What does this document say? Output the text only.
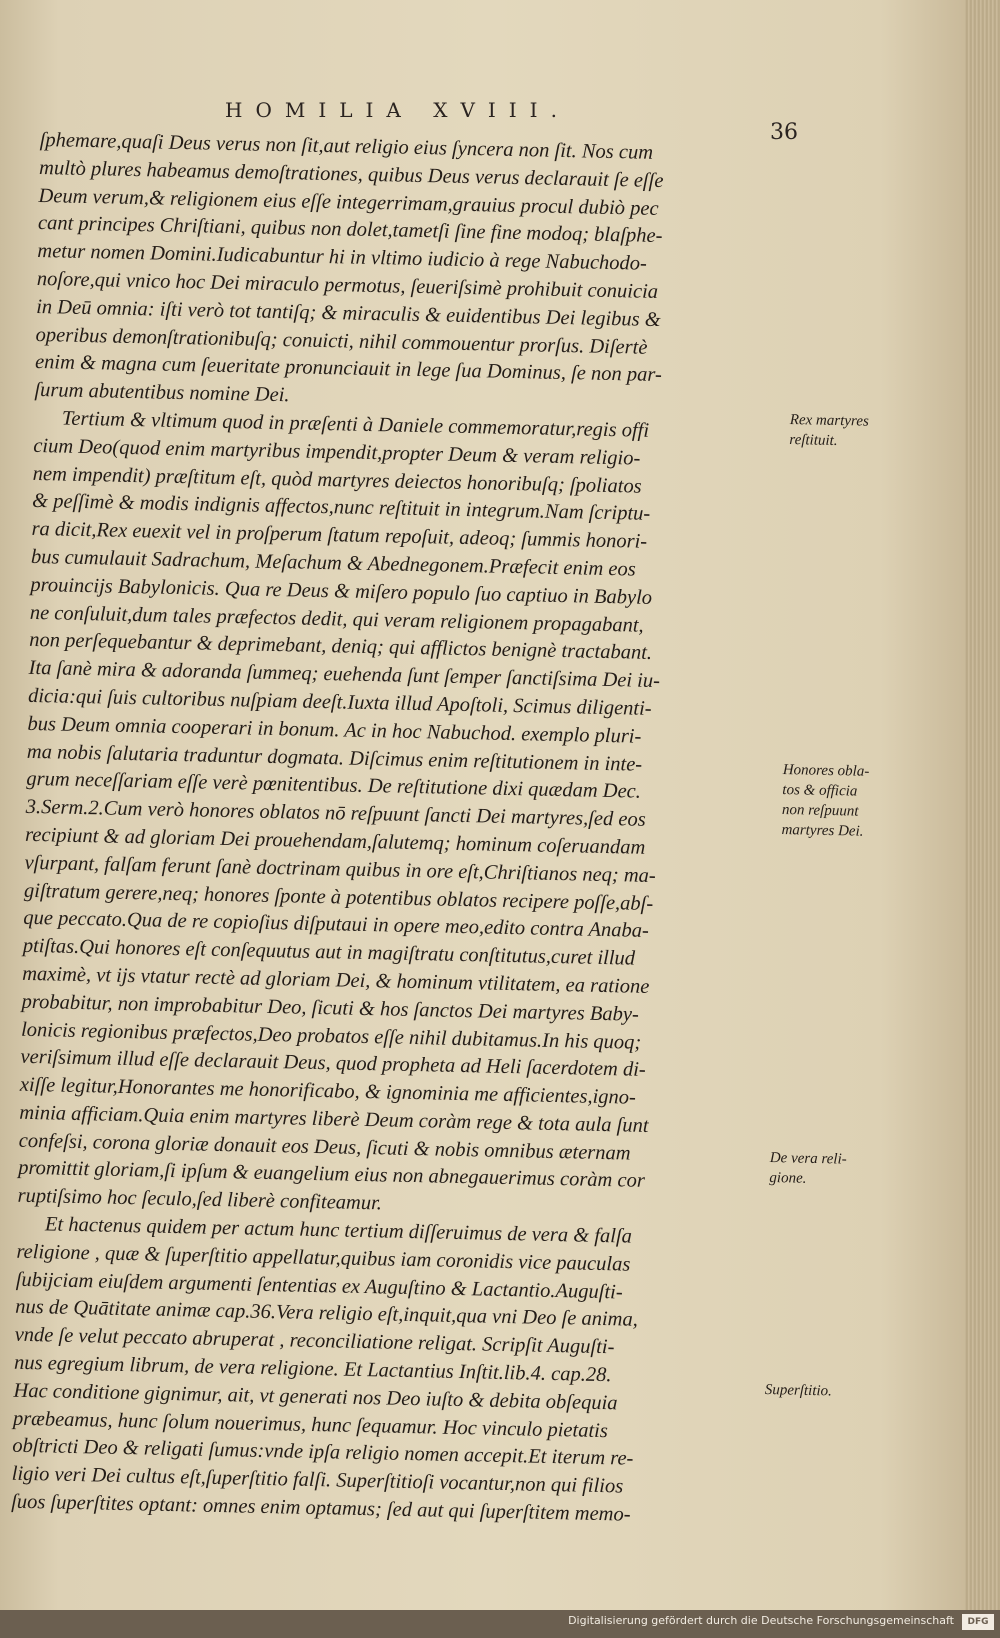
HOMILIA XVIII.
36
ſphemare,quaſi Deus verus non ſit,aut religio eius ſyncera non ſit. Nos cum
multò plures habeamus demoſtrationes, quibus Deus verus declarauit ſe eſſe
Deum verum,& religionem eius eſſe integerrimam,grauius procul dubiò pec
cant principes Chriſtiani, quibus non dolet,tametſi ſine fine modoq; blaſphe-
metur nomen Domini.Iudicabuntur hi in vltimo iudicio à rege Nabuchodo-
noſore,qui vnico hoc Dei miraculo permotus, ſeueriſsimè prohibuit conuicia
in Deū omnia: iſti verò tot tantiſq; & miraculis & euidentibus Dei legibus &
operibus demonſtrationibuſq; conuicti, nihil commouentur prorſus. Diſertè
enim & magna cum ſeueritate pronunciauit in lege ſua Dominus, ſe non par-
ſurum abutentibus nomine Dei.
Tertium & vltimum quod in præſenti à Daniele commemoratur,regis offi
cium Deo(quod enim martyribus impendit,propter Deum & veram religio-
nem impendit) præſtitum eſt, quòd martyres deiectos honoribuſq; ſpoliatos
& peſſimè & modis indignis affectos,nunc reſtituit in integrum.Nam ſcriptu-
ra dicit,Rex euexit vel in proſperum ſtatum repoſuit, adeoq; ſummis honori-
bus cumulauit Sadrachum, Meſachum & Abednegonem.Præfecit enim eos
prouincijs Babylonicis. Qua re Deus & miſero populo ſuo captiuo in Babylo
ne conſuluit,dum tales præfectos dedit, qui veram religionem propagabant,
non perſequebantur & deprimebant, deniq; qui afflictos benignè tractabant.
Ita ſanè mira & adoranda ſummeq; euehenda ſunt ſemper ſanctiſsima Dei iu-
dicia:qui ſuis cultoribus nuſpiam deeſt.Iuxta illud Apoſtoli, Scimus diligenti-
bus Deum omnia cooperari in bonum. Ac in hoc Nabuchod. exemplo pluri-
ma nobis ſalutaria traduntur dogmata. Diſcimus enim reſtitutionem in inte-
grum neceſſariam eſſe verè pœnitentibus. De reſtitutione dixi quædam Dec.
3.Serm.2.Cum verò honores oblatos nō reſpuunt ſancti Dei martyres,ſed eos
recipiunt & ad gloriam Dei prouehendam,ſalutemq; hominum coſeruandam
vſurpant, falſam ferunt ſanè doctrinam quibus in ore eſt,Chriſtianos neq; ma-
giſtratum gerere,neq; honores ſponte à potentibus oblatos recipere poſſe,abſ-
que peccato.Qua de re copioſius diſputaui in opere meo,edito contra Anaba-
ptiſtas.Qui honores eſt conſequutus aut in magiſtratu conſtitutus,curet illud
maximè, vt ijs vtatur rectè ad gloriam Dei, & hominum vtilitatem, ea ratione
probabitur, non improbabitur Deo, ſicuti & hos ſanctos Dei martyres Baby-
lonicis regionibus præfectos,Deo probatos eſſe nihil dubitamus.In his quoq;
veriſsimum illud eſſe declarauit Deus, quod propheta ad Heli ſacerdotem di-
xiſſe legitur,Honorantes me honorificabo, & ignominia me afficientes,igno-
minia afficiam.Quia enim martyres liberè Deum coràm rege & tota aula ſunt
confeſsi, corona gloriæ donauit eos Deus, ſicuti & nobis omnibus æternam
promittit gloriam,ſi ipſum & euangelium eius non abnegauerimus coràm cor
ruptiſsimo hoc ſeculo,ſed liberè confiteamur.
Et hactenus quidem per actum hunc tertium diſſeruimus de vera & falſa
religione , quæ & ſuperſtitio appellatur,quibus iam coronidis vice pauculas
ſubijciam eiuſdem argumenti ſententias ex Auguſtino & Lactantio.Auguſti-
nus de Quātitate animæ cap.36.Vera religio eſt,inquit,qua vni Deo ſe anima,
vnde ſe velut peccato abruperat , reconciliatione religat. Scripſit Auguſti-
nus egregium librum, de vera religione. Et Lactantius Inſtit.lib.4. cap.28.
Hac conditione gignimur, ait, vt generati nos Deo iuſto & debita obſequia
præbeamus, hunc ſolum nouerimus, hunc ſequamur. Hoc vinculo pietatis
obſtricti Deo & religati ſumus:vnde ipſa religio nomen accepit.Et iterum re-
ligio veri Dei cultus eſt,ſuperſtitio falſi. Superſtitioſi vocantur,non qui filios
ſuos ſuperſtites optant: omnes enim optamus; ſed aut qui ſuperſtitem memo-
Rex martyres
reſtituit.
Honores obla-
tos & officia
non reſpuunt
martyres Dei.
De vera reli-
gione.
Superſtitio.
Digitalisierung gefördert durch die Deutsche Forschungsgemeinschaft	DFG
